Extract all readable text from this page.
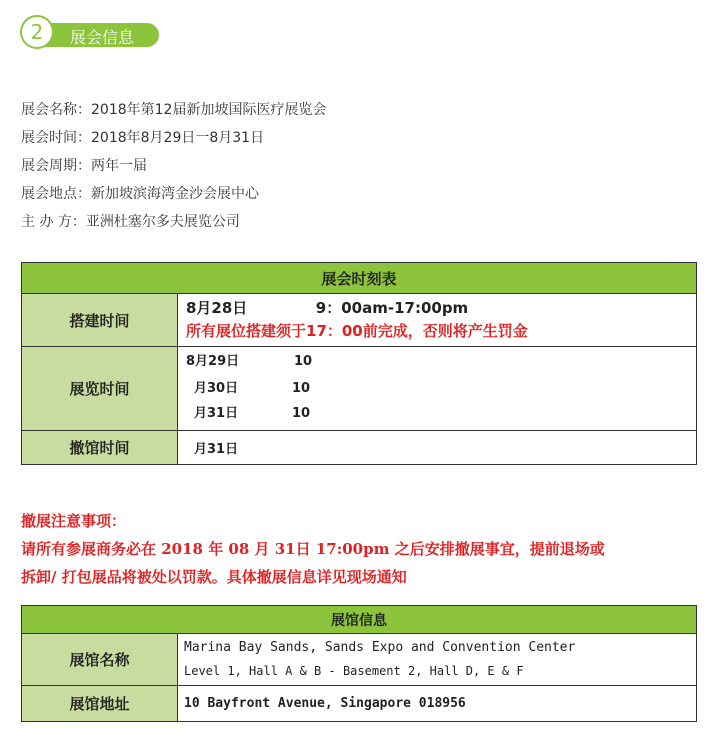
展会信息
2
展会名称：2018年第12届新加坡国际医疗展览会
展会时间：2018年8月29日一8月31日
展会周期：两年一届
展会地点：新加坡滨海湾金沙会展中心
主 办 方：亚洲杜塞尔多夫展览公司
展会时刻表	
搭建时间	8月28日 9：00am-17:00pm
所有展位搭建须于17：00前完成，否则将产生罚金

展览时间	8月29日 10
月30日 10
月31日 10

撤馆时间	月31日
撤展注意事项：
请所有参展商务必在 2018 年 08 月 31日 17:00pm 之后安排撤展事宜，提前退场或
拆卸/ 打包展品将被处以罚款。具体撤展信息详见现场通知
展馆信息	
展馆名称	Marina Bay Sands, Sands Expo and Convention Center
Level 1, Hall A & B - Basement 2, Hall D, E & F

展馆地址	10 Bayfront Avenue, Singapore 018956
